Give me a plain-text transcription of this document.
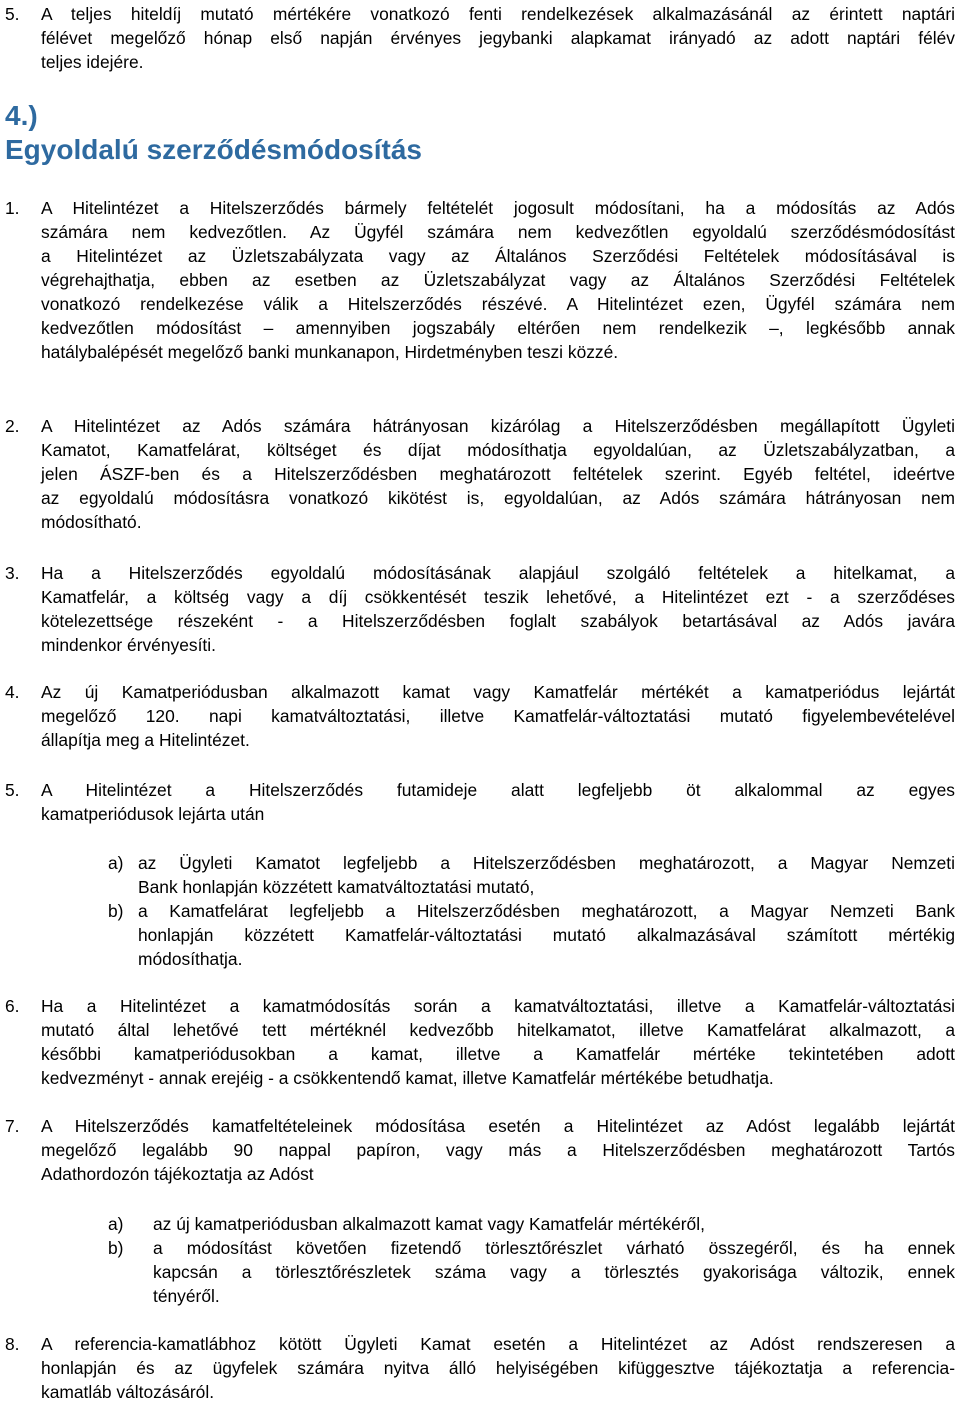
5. A teljes hiteldíj mutató mértékére vonatkozó fenti rendelkezések alkalmazásánál az érintett naptári
félévet megelőző hónap első napján érvényes jegybanki alapkamat irányadó az adott naptári félév
teljes idejére.
4.)
Egyoldalú szerződésmódosítás
1. A Hitelintézet a Hitelszerződés bármely feltételét jogosult módosítani, ha a módosítás az Adós
számára nem kedvezőtlen. Az Ügyfél számára nem kedvezőtlen egyoldalú szerződésmódosítást
a Hitelintézet az Üzletszabályzata vagy az Általános Szerződési Feltételek módosításával is
végrehajthatja, ebben az esetben az Üzletszabályzat vagy az Általános Szerződési Feltételek
vonatkozó rendelkezése válik a Hitelszerződés részévé. A Hitelintézet ezen, Ügyfél számára nem
kedvezőtlen módosítást – amennyiben jogszabály eltérően nem rendelkezik –, legkésőbb annak
hatálybalépését megelőző banki munkanapon, Hirdetményben teszi közzé.
2. A Hitelintézet az Adós számára hátrányosan kizárólag a Hitelszerződésben megállapított Ügyleti
Kamatot, Kamatfelárat, költséget és díjat módosíthatja egyoldalúan, az Üzletszabályzatban, a
jelen ÁSZF-ben és a Hitelszerződésben meghatározott feltételek szerint. Egyéb feltétel, ideértve
az egyoldalú módosításra vonatkozó kikötést is, egyoldalúan, az Adós számára hátrányosan nem
módosítható.
3. Ha a Hitelszerződés egyoldalú módosításának alapjául szolgáló feltételek a hitelkamat, a
Kamatfelár, a költség vagy a díj csökkentését teszik lehetővé, a Hitelintézet ezt - a szerződéses
kötelezettsége részeként - a Hitelszerződésben foglalt szabályok betartásával az Adós javára
mindenkor érvényesíti.
4. Az új Kamatperiódusban alkalmazott kamat vagy Kamatfelár mértékét a kamatperiódus lejártát
megelőző 120. napi kamatváltoztatási, illetve Kamatfelár-változtatási mutató figyelembevételével
állapítja meg a Hitelintézet.
5. A Hitelintézet a Hitelszerződés futamideje alatt legfeljebb öt alkalommal az egyes
kamatperiódusok lejárta után
a) az Ügyleti Kamatot legfeljebb a Hitelszerződésben meghatározott, a Magyar Nemzeti
Bank honlapján közzétett kamatváltoztatási mutató,
b) a Kamatfelárat legfeljebb a Hitelszerződésben meghatározott, a Magyar Nemzeti Bank
honlapján közzétett Kamatfelár-változtatási mutató alkalmazásával számított mértékig
módosíthatja.
6. Ha a Hitelintézet a kamatmódosítás során a kamatváltoztatási, illetve a Kamatfelár-változtatási
mutató által lehetővé tett mértéknél kedvezőbb hitelkamatot, illetve Kamatfelárat alkalmazott, a
későbbi kamatperiódusokban a kamat, illetve a Kamatfelár mértéke tekintetében adott
kedvezményt - annak erejéig - a csökkentendő kamat, illetve Kamatfelár mértékébe betudhatja.
7. A Hitelszerződés kamatfeltételeinek módosítása esetén a Hitelintézet az Adóst legalább lejártát
megelőző legalább 90 nappal papíron, vagy más a Hitelszerződésben meghatározott Tartós
Adathordozón tájékoztatja az Adóst
a) az új kamatperiódusban alkalmazott kamat vagy Kamatfelár mértékéről,
b) a módosítást követően fizetendő törlesztőrészlet várható összegéről, és ha ennek
kapcsán a törlesztőrészletek száma vagy a törlesztés gyakorisága változik, ennek
tényéről.
8. A referencia-kamatlábhoz kötött Ügyleti Kamat esetén a Hitelintézet az Adóst rendszeresen a
honlapján és az ügyfelek számára nyitva álló helyiségében kifüggesztve tájékoztatja a referencia-
kamatláb változásáról.
